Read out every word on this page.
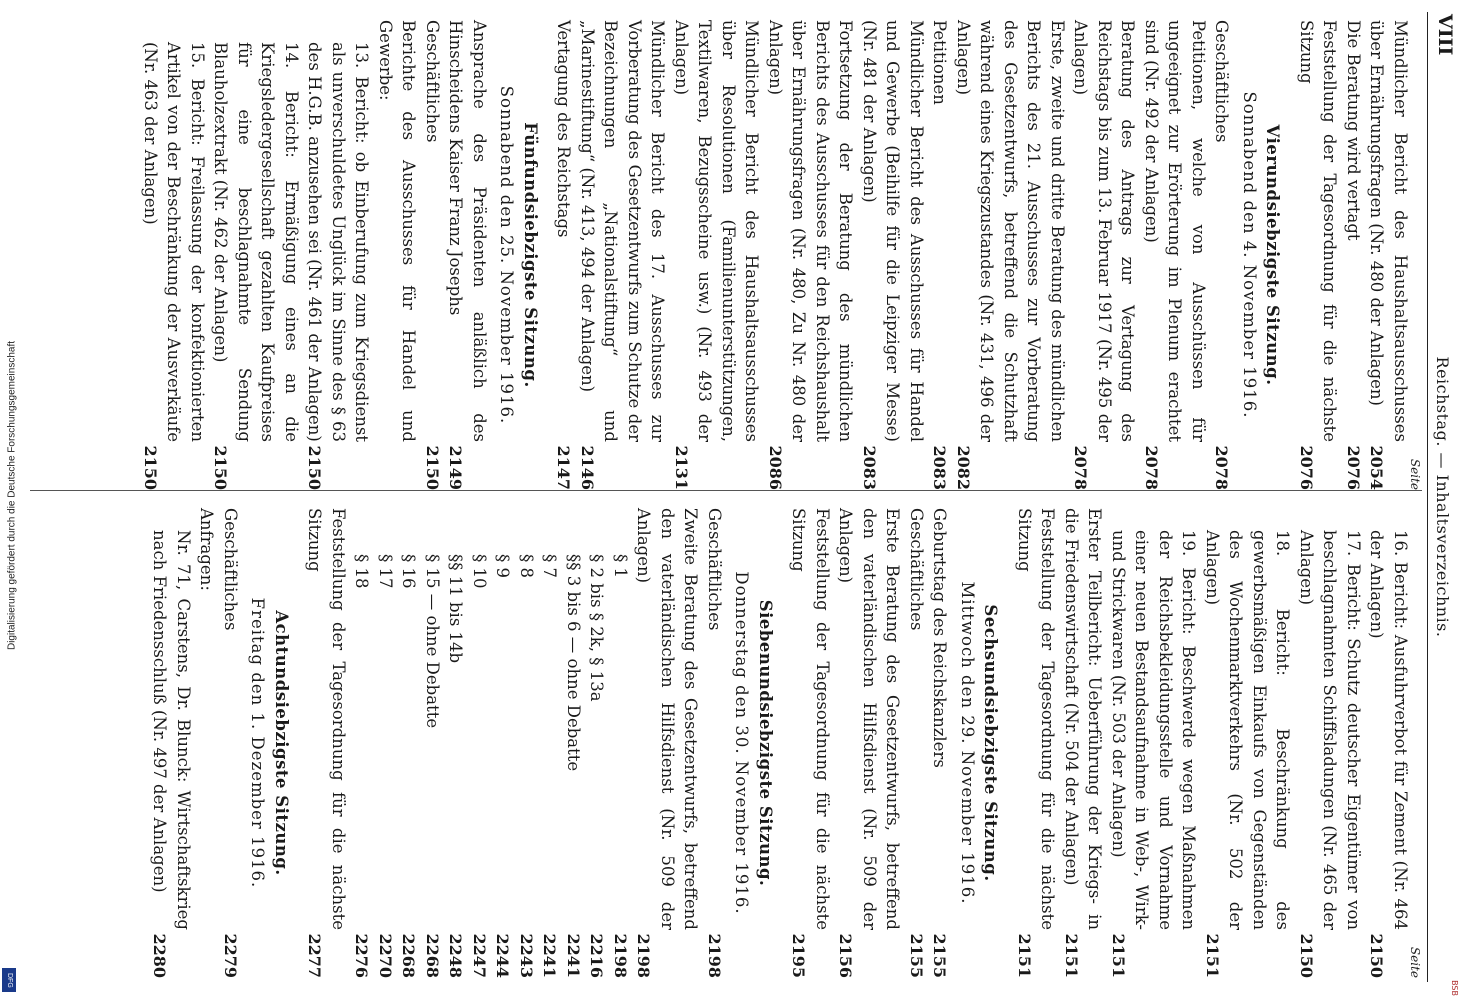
Digitalisierung gefördert durch die Deutsche Forschungsgemeinschaft
DFG
VIII
Reichstag. — Inhaltsverzeichnis.
BSB
Seite
Mündlicher Bericht des Haushaltsausschusses über Ernährungsfragen (Nr. 480 der Anlagen)
2054
Die Beratung wird vertagt
2076
Feststellung der Tagesordnung für die nächste Sitzung
2076
Vierundsiebzigste Sitzung.
Sonnabend den 4. November 1916.
Geschäftliches
2078
Petitionen, welche von Ausschüssen für ungeeignet zur Erörterung im Plenum erachtet sind (Nr. 492 der Anlagen)
2078
Beratung des Antrags zur Vertagung des Reichstags bis zum 13. Februar 1917 (Nr. 495 der Anlagen)
2078
Erste, zweite und dritte Beratung des mündlichen Berichts des 21. Ausschusses zur Vorberatung des Gesetzentwurfs, betreffend die Schutzhaft während eines Kriegszustandes (Nr. 431, 496 der Anlagen)
2082
Petitionen
2083
Mündlicher Bericht des Ausschusses für Handel und Gewerbe (Beihilfe für die Leipziger Messe) (Nr. 481 der Anlagen)
2083
Fortsetzung der Beratung des mündlichen Berichts des Ausschusses für den Reichshaushalt über Ernährungsfragen (Nr. 480, Zu Nr. 480 der Anlagen)
2086
Mündlicher Bericht des Haushaltsausschusses über Resolutionen (Familienunterstützungen, Textilwaren, Bezugsscheine usw.) (Nr. 493 der Anlagen)
2131
Mündlicher Bericht des 17. Ausschusses zur Vorberatung des Gesetzentwurfs zum Schutze der Bezeichnungen „Nationalstiftung“ und „Marinestiftung“ (Nr. 413, 494 der Anlagen)
2146
Vertagung des Reichstags
2147
Fünfundsiebzigste Sitzung.
Sonnabend den 25. November 1916.
Ansprache des Präsidenten anläßlich des Hinscheidens Kaiser Franz Josephs
2149
Geschäftliches
2150
Berichte des Ausschusses für Handel und Gewerbe:
13. Bericht: ob Einberufung zum Kriegsdienst als unverschuldetes Unglück im Sinne des § 63 des H.G.B. anzusehen sei (Nr. 461 der Anlagen)
2150
14. Bericht: Ermäßigung eines an die Kriegsledergesellschaft gezahlten Kaufpreises für eine beschlagnahmte Sendung Blauholzextrakt (Nr. 462 der Anlagen)
2150
15. Bericht: Freilassung der konfektionierten Artikel von der Beschränkung der Ausverkäufe (Nr. 463 der Anlagen)
2150
Seite
16. Bericht: Ausfuhrverbot für Zement (Nr. 464 der Anlagen)
2150
17. Bericht: Schutz deutscher Eigentümer von beschlagnahmten Schiffsladungen (Nr. 465 der Anlagen)
2150
18. Bericht: Beschränkung des gewerbsmäßigen Einkaufs von Gegenständen des Wochenmarktverkehrs (Nr. 502 der Anlagen)
2151
19. Bericht: Beschwerde wegen Maßnahmen der Reichsbekleidungsstelle und Vornahme einer neuen Bestandsaufnahme in Web-, Wirk- und Strickwaren (Nr. 503 der Anlagen)
2151
Erster Teilbericht: Ueberführung der Kriegs- in die Friedenswirtschaft (Nr. 504 der Anlagen)
2151
Feststellung der Tagesordnung für die nächste Sitzung
2151
Sechsundsiebzigste Sitzung.
Mittwoch den 29. November 1916.
Geburtstag des Reichskanzlers
2155
Geschäftliches
2155
Erste Beratung des Gesetzentwurfs, betreffend den vaterländischen Hilfsdienst (Nr. 509 der Anlagen)
2156
Feststellung der Tagesordnung für die nächste Sitzung
2195
Siebenundsiebzigste Sitzung.
Donnerstag den 30. November 1916.
Geschäftliches
2198
Zweite Beratung des Gesetzentwurfs, betreffend den vaterländischen Hilfsdienst (Nr. 509 der Anlagen)
2198
§ 1
2198
§ 2 bis § 2k, § 13a
2216
§§ 3 bis 6 — ohne Debatte
2241
§ 7
2241
§ 8
2243
§ 9
2244
§ 10
2247
§§ 11 bis 14b
2248
§ 15 — ohne Debatte
2268
§ 16
2268
§ 17
2270
§ 18
2276
Feststellung der Tagesordnung für die nächste Sitzung
2277
Achtundsiebzigste Sitzung.
Freitag den 1. Dezember 1916.
Geschäftliches
2279
Anfragen:
Nr. 71, Carstens, Dr. Blunck: Wirtschaftskrieg nach Friedensschluß (Nr. 497 der Anlagen)
2280
